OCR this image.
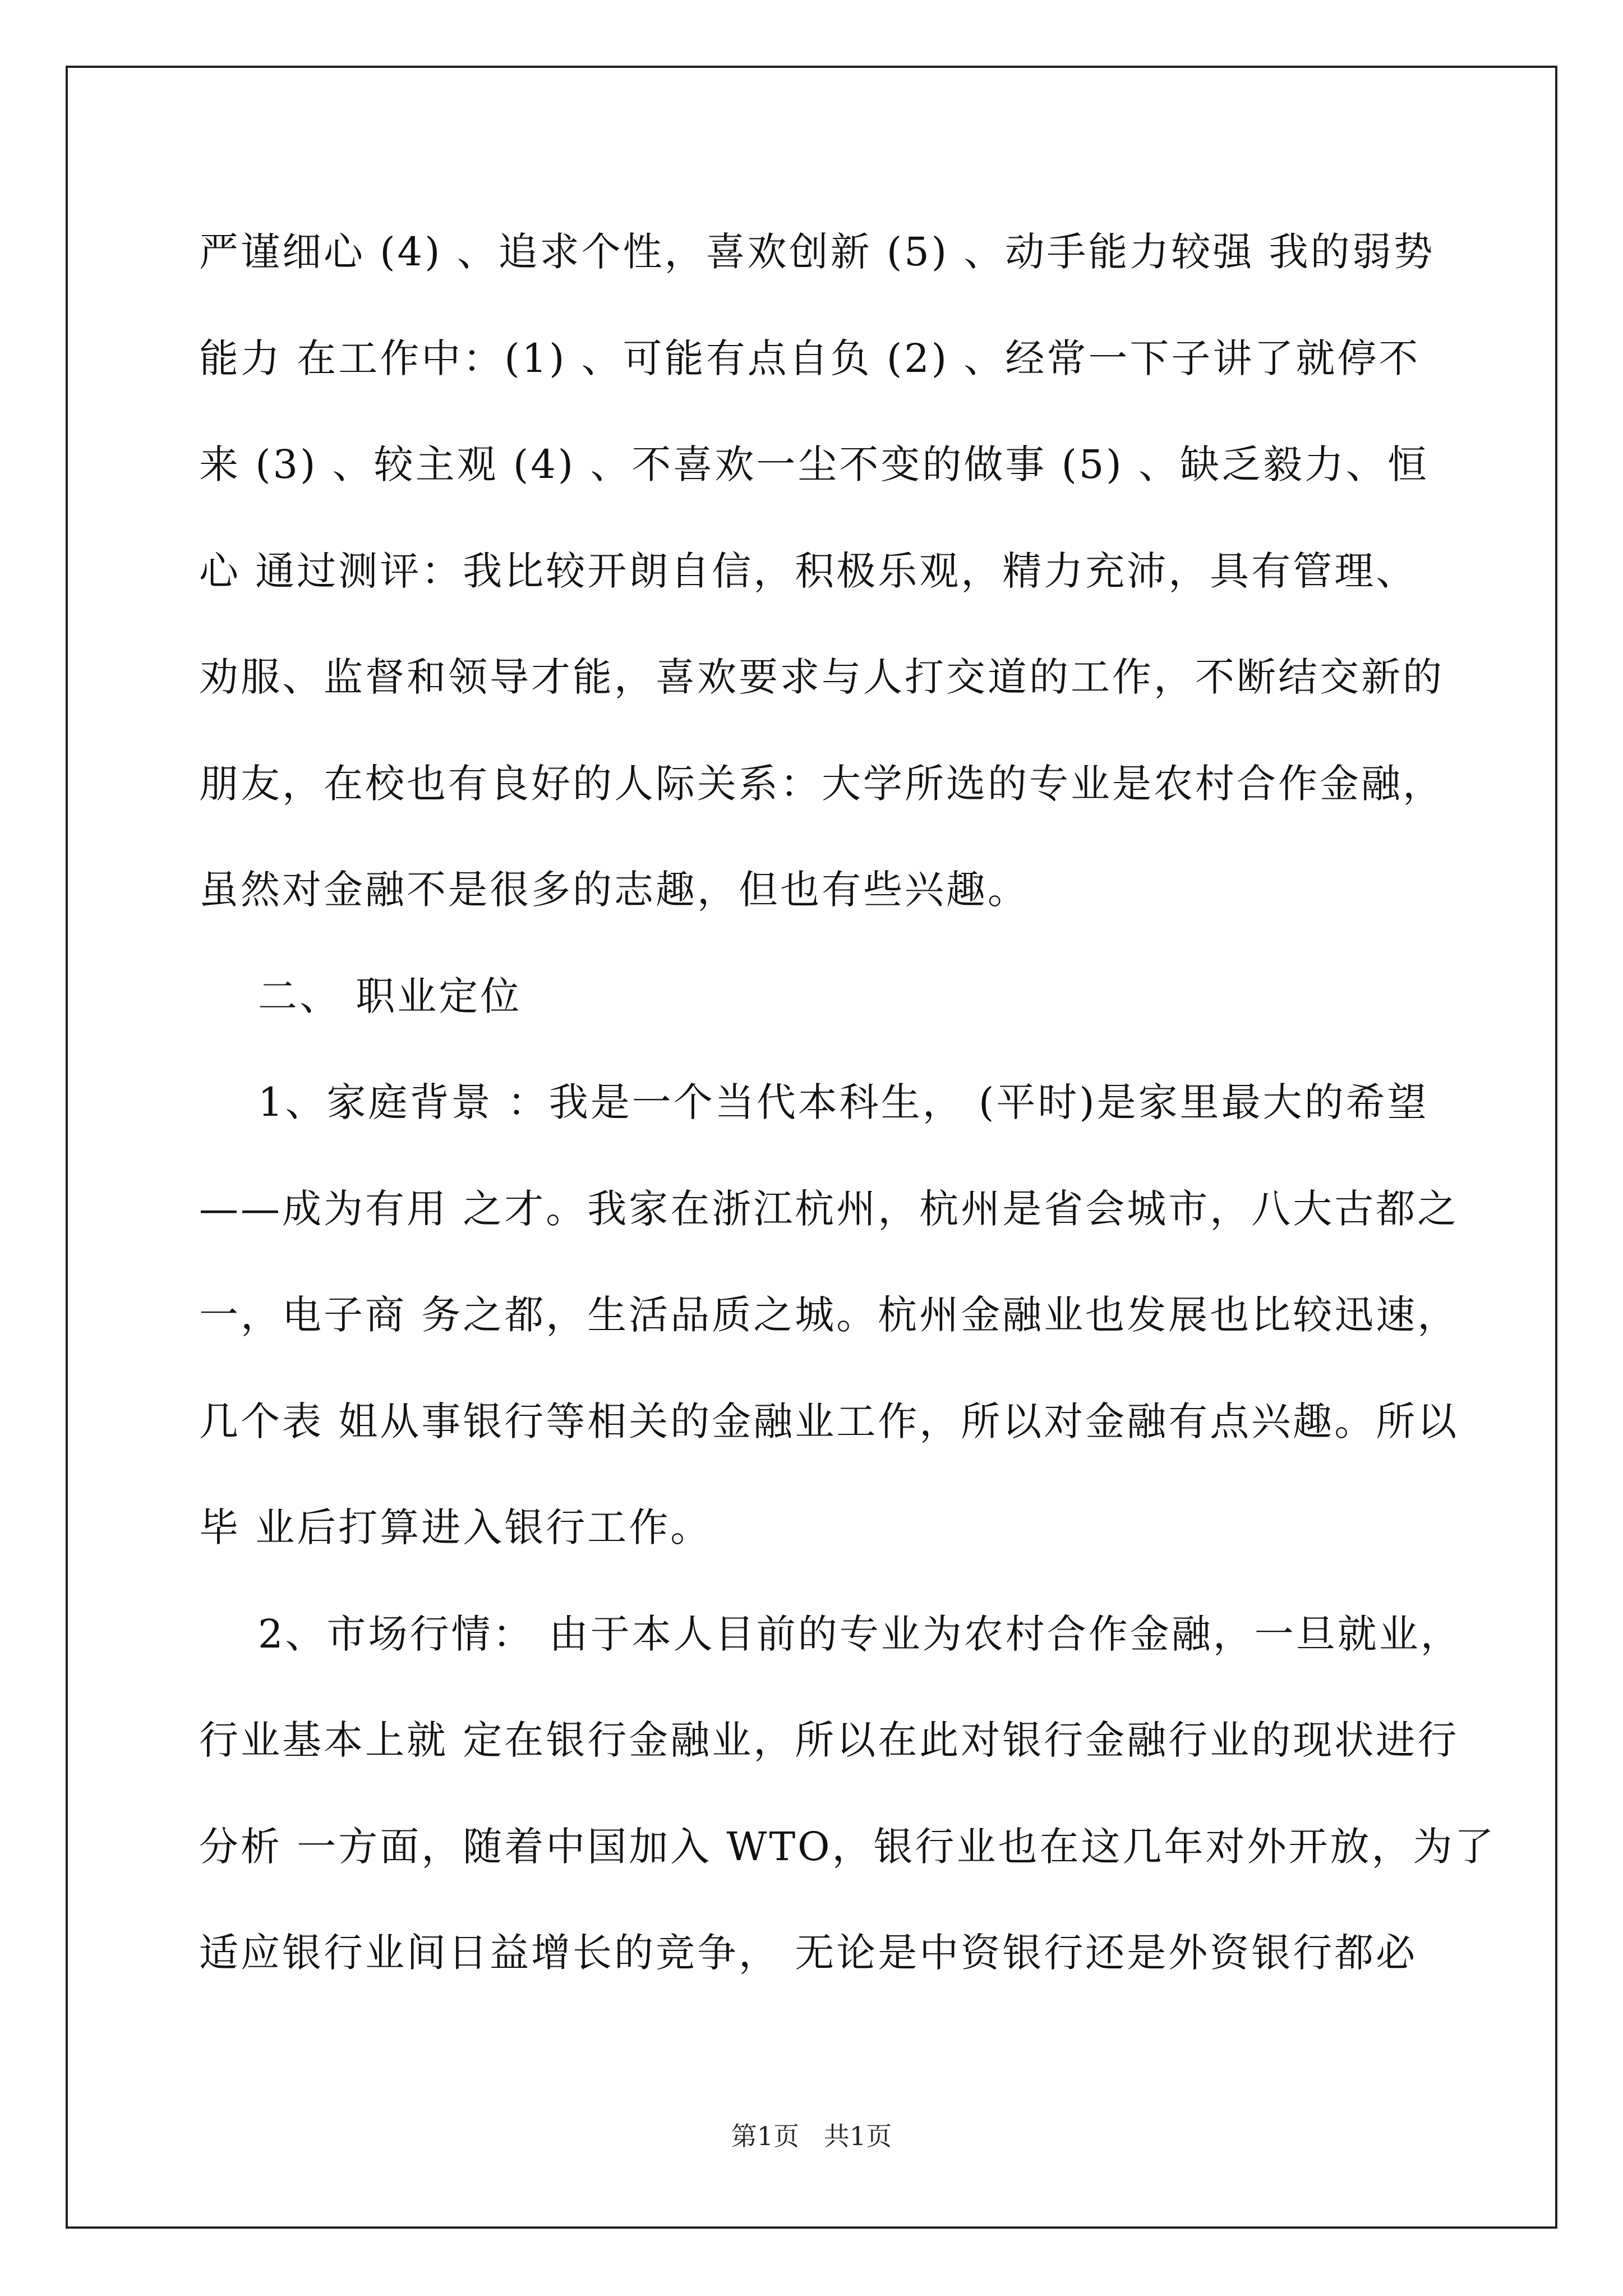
严谨细心 (4) 、追求个性，喜欢创新 (5) 、动手能力较强 我的弱势
能力 在工作中：(1) 、可能有点自负 (2) 、经常一下子讲了就停不
来 (3) 、较主观 (4) 、不喜欢一尘不变的做事 (5) 、缺乏毅力、恒
心 通过测评：我比较开朗自信，积极乐观，精力充沛，具有管理、
劝服、监督和领导才能，喜欢要求与人打交道的工作，不断结交新的
朋友，在校也有良好的人际关系：大学所选的专业是农村合作金融，
虽然对金融不是很多的志趣，但也有些兴趣。
二、 职业定位
1、家庭背景 ：我是一个当代本科生， (平时)是家里最大的希望
——成为有用 之才。我家在浙江杭州，杭州是省会城市，八大古都之
一，电子商 务之都，生活品质之城。杭州金融业也发展也比较迅速，
几个表 姐从事银行等相关的金融业工作，所以对金融有点兴趣。所以
毕 业后打算进入银行工作。
2、市场行情： 由于本人目前的专业为农村合作金融，一旦就业，
行业基本上就 定在银行金融业，所以在此对银行金融行业的现状进行
分析 一方面，随着中国加入 WTO，银行业也在这几年对外开放，为了
适应银行业间日益增长的竞争， 无论是中资银行还是外资银行都必
第1页   共1页
